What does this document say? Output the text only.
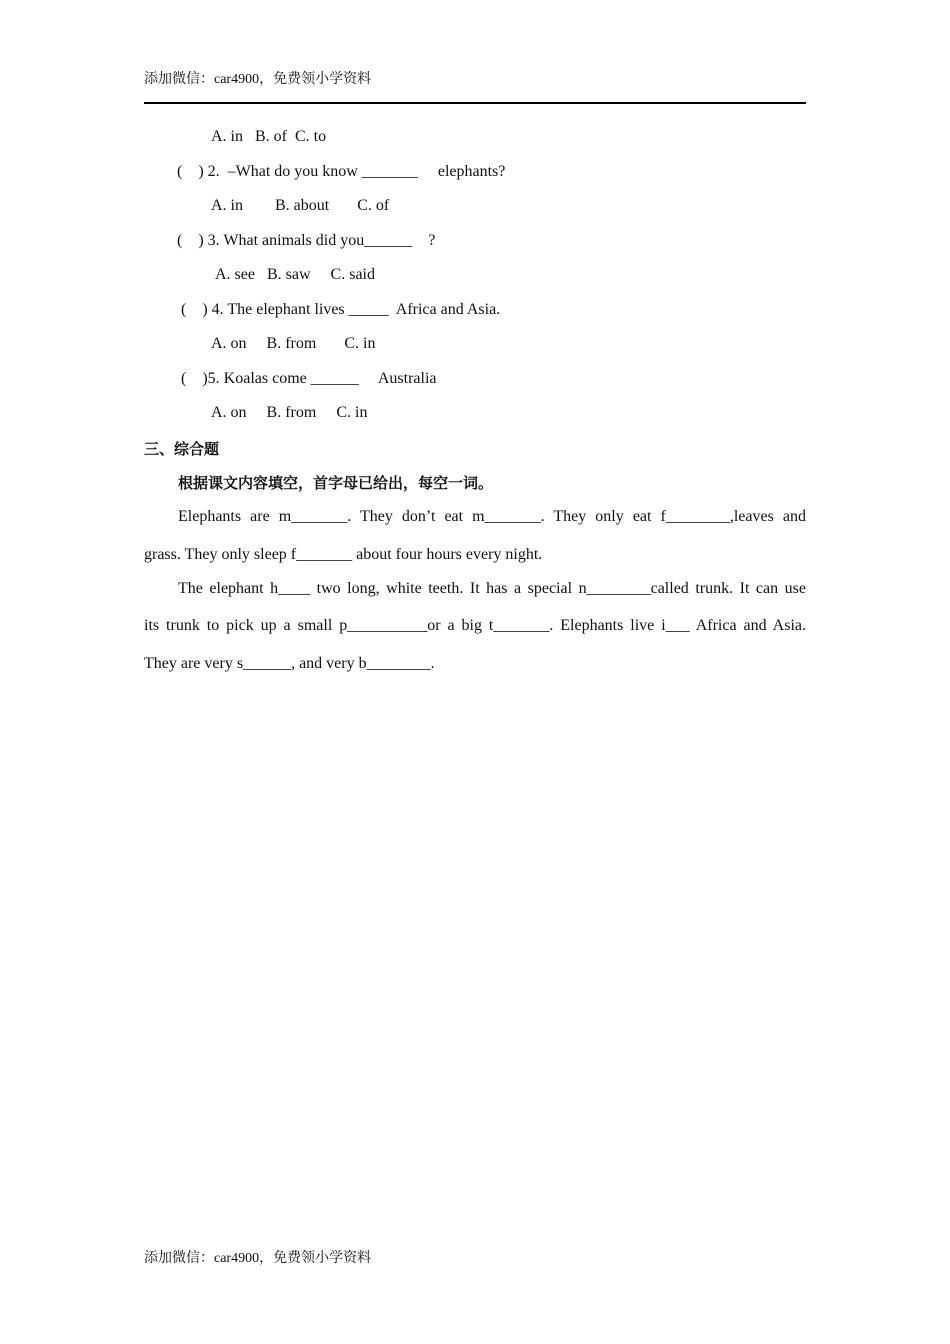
添加微信：car4900，免费领小学资料
A. in   B. of  C. to
(    ) 2.  –What do you know _______     elephants?
A. in        B. about       C. of
(    ) 3. What animals did you______    ?
A. see   B. saw     C. said
(    ) 4. The elephant lives _____  Africa and Asia.
A. on     B. from       C. in
(    )5. Koalas come ______     Australia
A. on     B. from     C. in
三、综合题
根据课文内容填空，首字母已给出，每空一词。
Elephants are m_______. They don’t eat m_______. They only eat f________,leaves and
grass. They only sleep f_______ about four hours every night.
The elephant h____ two long, white teeth. It has a special n________called trunk. It can use
its trunk to pick up a small p__________or a big t_______. Elephants live i___ Africa and Asia.
They are very s______, and very b________.
添加微信：car4900，免费领小学资料
